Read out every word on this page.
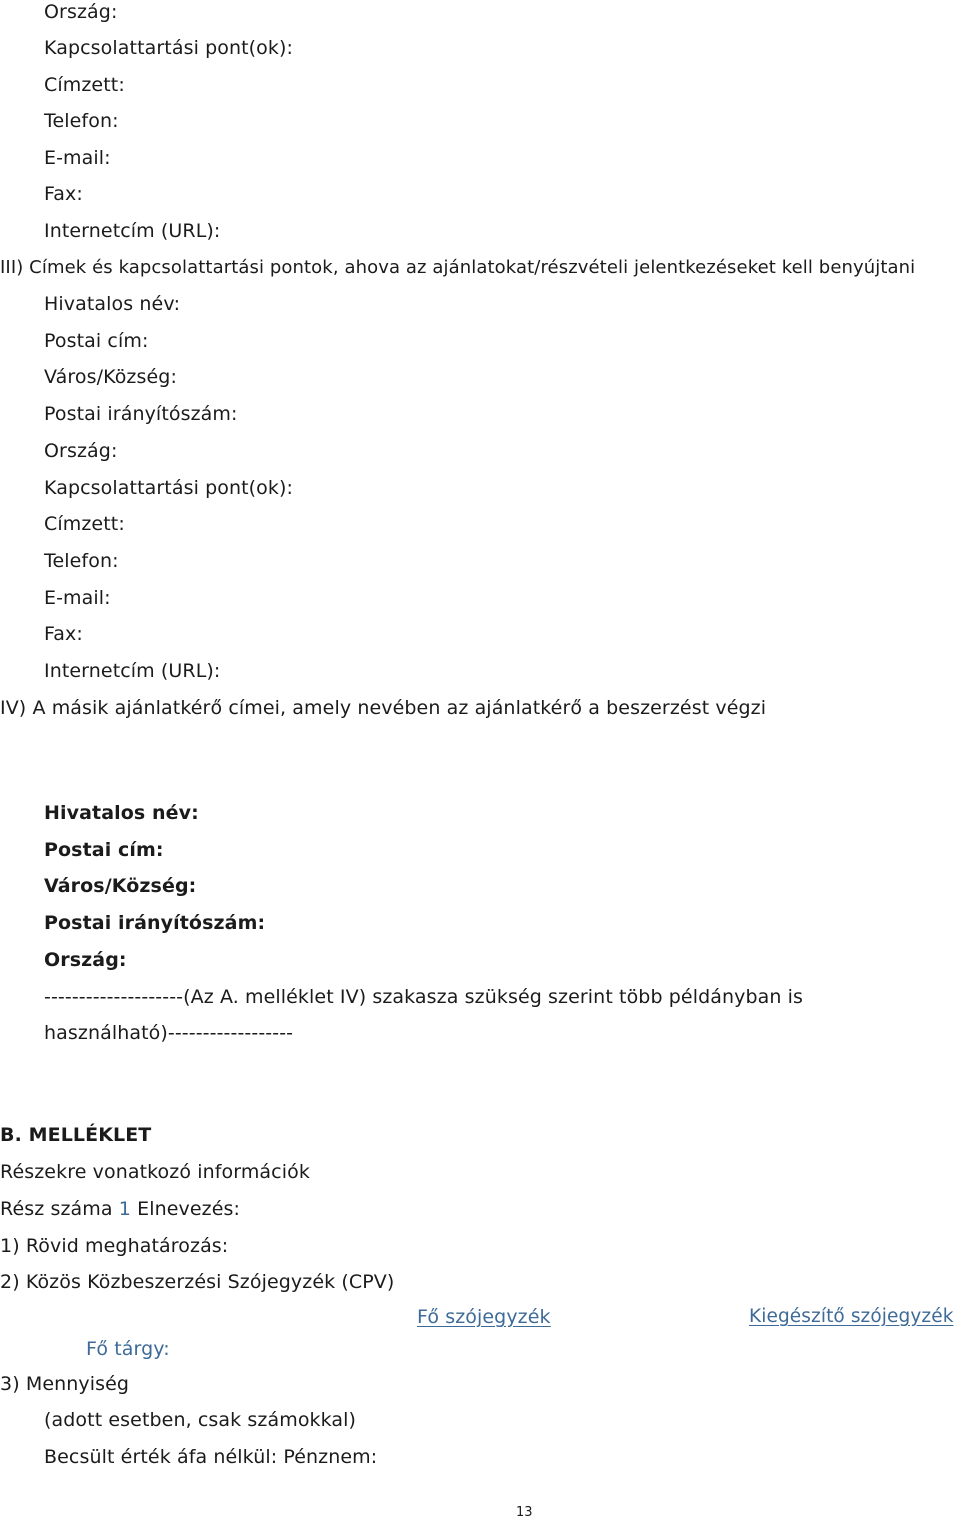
Ország:
Kapcsolattartási pont(ok):
Címzett:
Telefon:
E-mail:
Fax:
Internetcím (URL):
III) Címek és kapcsolattartási pontok, ahova az ajánlatokat/részvételi jelentkezéseket kell benyújtani
Hivatalos név:
Postai cím:
Város/Község:
Postai irányítószám:
Ország:
Kapcsolattartási pont(ok):
Címzett:
Telefon:
E-mail:
Fax:
Internetcím (URL):
IV) A másik ajánlatkérő címei, amely nevében az ajánlatkérő a beszerzést végzi
Hivatalos név:
Postai cím:
Város/Község:
Postai irányítószám:
Ország:
--------------------(Az A. melléklet IV) szakasza szükség szerint több példányban is
használható)------------------
B. MELLÉKLET
Részekre vonatkozó információk
Rész száma 1 Elnevezés:
1) Rövid meghatározás:
2) Közös Közbeszerzési Szójegyzék (CPV)
Fő szójegyzék	Kiegészítő szójegyzék
Fő tárgy:
3) Mennyiség
(adott esetben, csak számokkal)
Becsült érték áfa nélkül: Pénznem:
13
